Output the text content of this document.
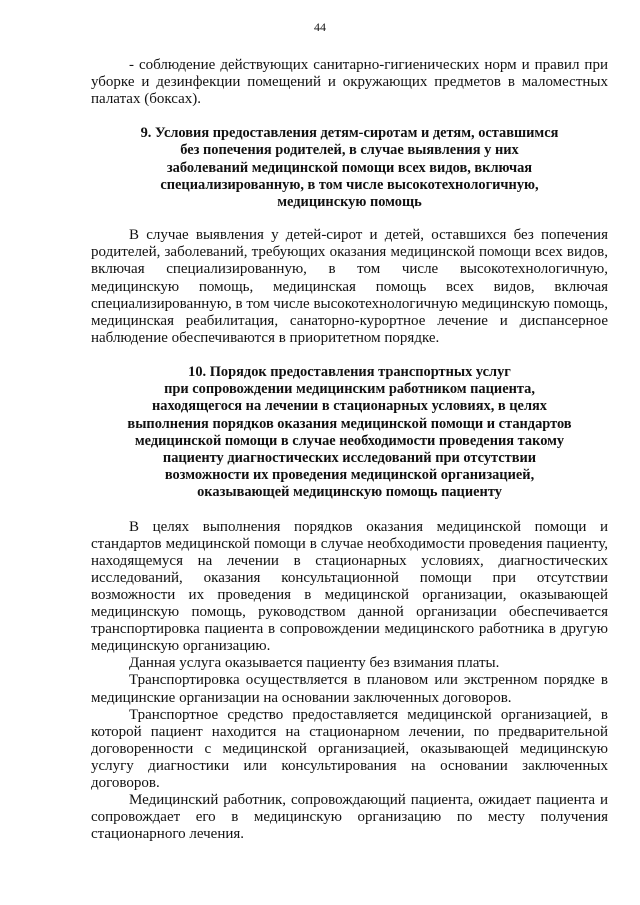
44

- соблюдение действующих санитарно-гигиенических норм и правил при уборке и дезинфекции помещений и окружающих предметов в маломестных палатах (боксах).

9. Условия предоставления детям-сиротам и детям, оставшимся
без попечения родителей, в случае выявления у них
заболеваний медицинской помощи всех видов, включая
специализированную, в том числе высокотехнологичную,
медицинскую помощь

В случае выявления у детей-сирот и детей, оставшихся без попечения родителей, заболеваний, требующих оказания медицинской помощи всех видов, включая специализированную, в том числе высокотехнологичную, медицинскую помощь, медицинская помощь всех видов, включая специализированную, в том числе высокотехнологичную медицинскую помощь, медицинская реабилитация, санаторно-курортное лечение и диспансерное наблюдение обеспечиваются в приоритетном порядке.

10. Порядок предоставления транспортных услуг
при сопровождении медицинским работником пациента,
находящегося на лечении в стационарных условиях, в целях
выполнения порядков оказания медицинской помощи и стандартов
медицинской помощи в случае необходимости проведения такому
пациенту диагностических исследований при отсутствии
возможности их проведения медицинской организацией,
оказывающей медицинскую помощь пациенту

В целях выполнения порядков оказания медицинской помощи и стандартов медицинской помощи в случае необходимости проведения пациенту, находящемуся на лечении в стационарных условиях, диагностических исследований, оказания консультационной помощи при отсутствии возможности их проведения в медицинской организации, оказывающей медицинскую помощь, руководством данной организации обеспечивается транспортировка пациента в сопровождении медицинского работника в другую медицинскую организацию.

Данная услуга оказывается пациенту без взимания платы.

Транспортировка осуществляется в плановом или экстренном порядке в медицинские организации на основании заключенных договоров.

Транспортное средство предоставляется медицинской организацией, в которой пациент находится на стационарном лечении, по предварительной договоренности с медицинской организацией, оказывающей медицинскую услугу диагностики или консультирования на основании заключенных договоров.

Медицинский работник, сопровождающий пациента, ожидает пациента и сопровождает его в медицинскую организацию по месту получения стационарного лечения.
